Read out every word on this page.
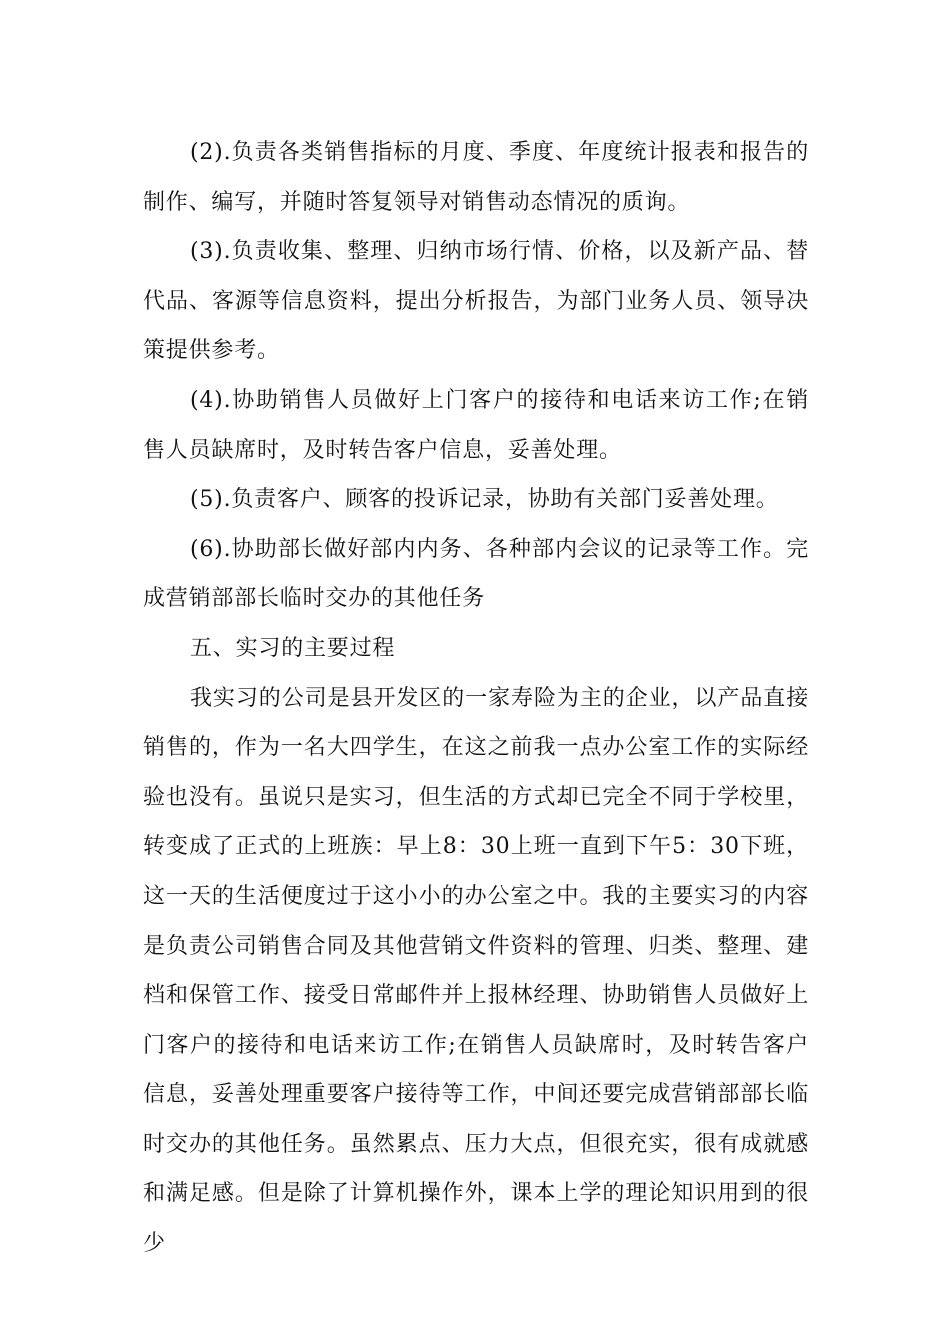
(2).负责各类销售指标的月度、季度、年度统计报表和报告的制作、编写，并随时答复领导对销售动态情况的质询。

(3).负责收集、整理、归纳市场行情、价格，以及新产品、替代品、客源等信息资料，提出分析报告，为部门业务人员、领导决策提供参考。

(4).协助销售人员做好上门客户的接待和电话来访工作;在销售人员缺席时，及时转告客户信息，妥善处理。

(5).负责客户、顾客的投诉记录，协助有关部门妥善处理。

(6).协助部长做好部内内务、各种部内会议的记录等工作。完成营销部部长临时交办的其他任务

五、实习的主要过程

我实习的公司是县开发区的一家寿险为主的企业，以产品直接销售的，作为一名大四学生，在这之前我一点办公室工作的实际经验也没有。虽说只是实习，但生活的方式却已完全不同于学校里，转变成了正式的上班族：早上8：30上班一直到下午5：30下班，这一天的生活便度过于这小小的办公室之中。我的主要实习的内容是负责公司销售合同及其他营销文件资料的管理、归类、整理、建档和保管工作、接受日常邮件并上报林经理、协助销售人员做好上门客户的接待和电话来访工作;在销售人员缺席时，及时转告客户信息，妥善处理重要客户接待等工作，中间还要完成营销部部长临时交办的其他任务。虽然累点、压力大点，但很充实，很有成就感和满足感。但是除了计算机操作外，课本上学的理论知识用到的很少
